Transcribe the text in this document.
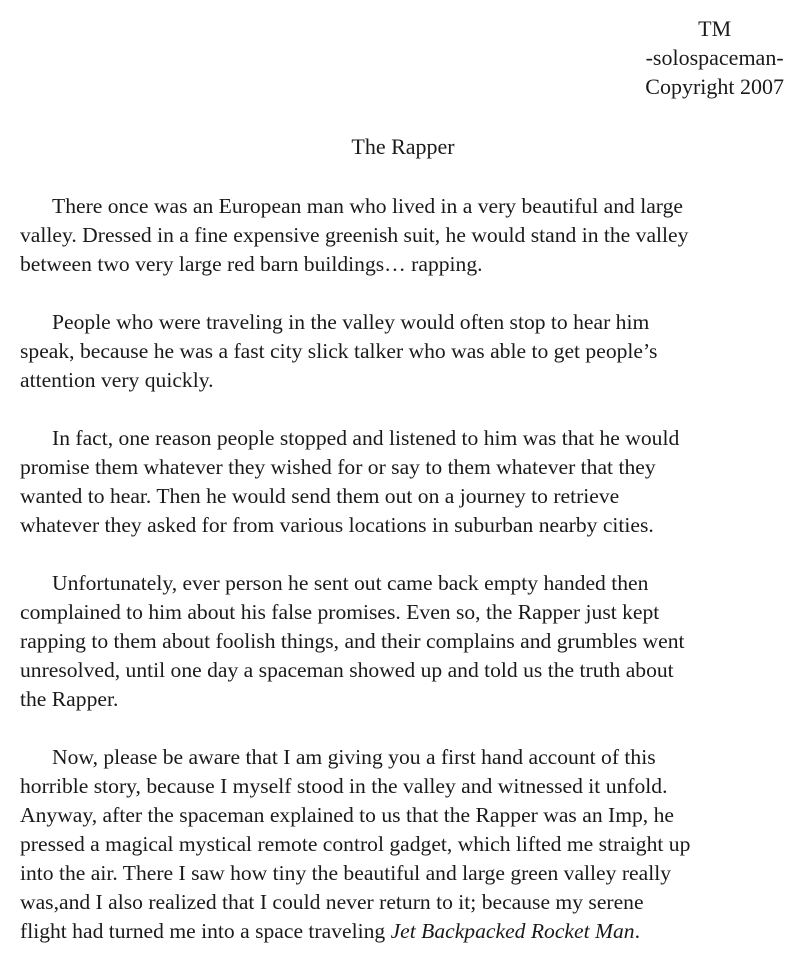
TM
-solospaceman-
Copyright 2007
The Rapper

There once was an European man who lived in a very beautiful and large
valley. Dressed in a fine expensive greenish suit, he would stand in the valley
between two very large red barn buildings… rapping.

People who were traveling in the valley would often stop to hear him
speak, because he was a fast city slick talker who was able to get people’s
attention very quickly.

In fact, one reason people stopped and listened to him was that he would
promise them whatever they wished for or say to them whatever that they
wanted to hear. Then he would send them out on a journey to retrieve
whatever they asked for from various locations in suburban nearby cities.

Unfortunately, ever person he sent out came back empty handed then
complained to him about his false promises. Even so, the Rapper just kept
rapping to them about foolish things, and their complains and grumbles went
unresolved, until one day a spaceman showed up and told us the truth about
the Rapper.

Now, please be aware that I am giving you a first hand account of this
horrible story, because I myself stood in the valley and witnessed it unfold.
Anyway, after the spaceman explained to us that the Rapper was an Imp, he
pressed a magical mystical remote control gadget, which lifted me straight up
into the air. There I saw how tiny the beautiful and large green valley really
was,and I also realized that I could never return to it; because my serene
flight had turned me into a space traveling Jet Backpacked Rocket Man.
